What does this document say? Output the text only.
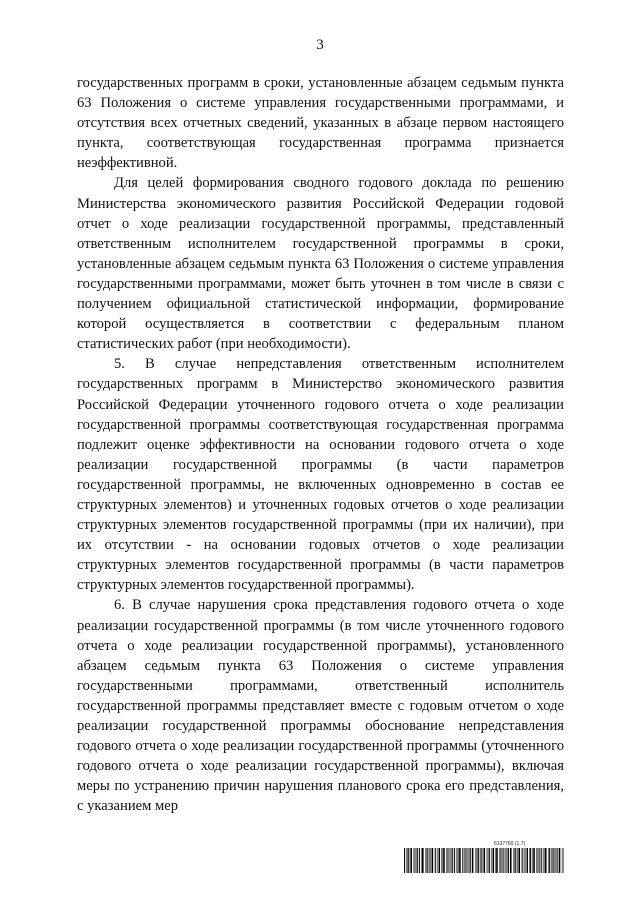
3

государственных программ в сроки, установленные абзацем седьмым пункта 63 Положения о системе управления государственными программами, и отсутствия всех отчетных сведений, указанных в абзаце первом настоящего пункта, соответствующая государственная программа признается неэффективной.

Для целей формирования сводного годового доклада по решению Министерства экономического развития Российской Федерации годовой отчет о ходе реализации государственной программы, представленный ответственным исполнителем государственной программы в сроки, установленные абзацем седьмым пункта 63 Положения о системе управления государственными программами, может быть уточнен в том числе в связи с получением официальной статистической информации, формирование которой осуществляется в соответствии с федеральным планом статистических работ (при необходимости).

5. В случае непредставления ответственным исполнителем государственных программ в Министерство экономического развития Российской Федерации уточненного годового отчета о ходе реализации государственной программы соответствующая государственная программа подлежит оценке эффективности на основании годового отчета о ходе реализации государственной программы (в части параметров государственной программы, не включенных одновременно в состав ее структурных элементов) и уточненных годовых отчетов о ходе реализации структурных элементов государственной программы (при их наличии), при их отсутствии - на основании годовых отчетов о ходе реализации структурных элементов государственной программы (в части параметров структурных элементов государственной программы).

6. В случае нарушения срока представления годового отчета о ходе реализации государственной программы (в том числе уточненного годового отчета о ходе реализации государственной программы), установленного абзацем седьмым пункта 63 Положения о системе управления государственными программами, ответственный исполнитель государственной программы представляет вместе с годовым отчетом о ходе реализации государственной программы обоснование непредставления годового отчета о ходе реализации государственной программы (уточненного годового отчета о ходе реализации государственной программы), включая меры по устранению причин нарушения планового срока его представления, с указанием мер

6137760 (1.7)
